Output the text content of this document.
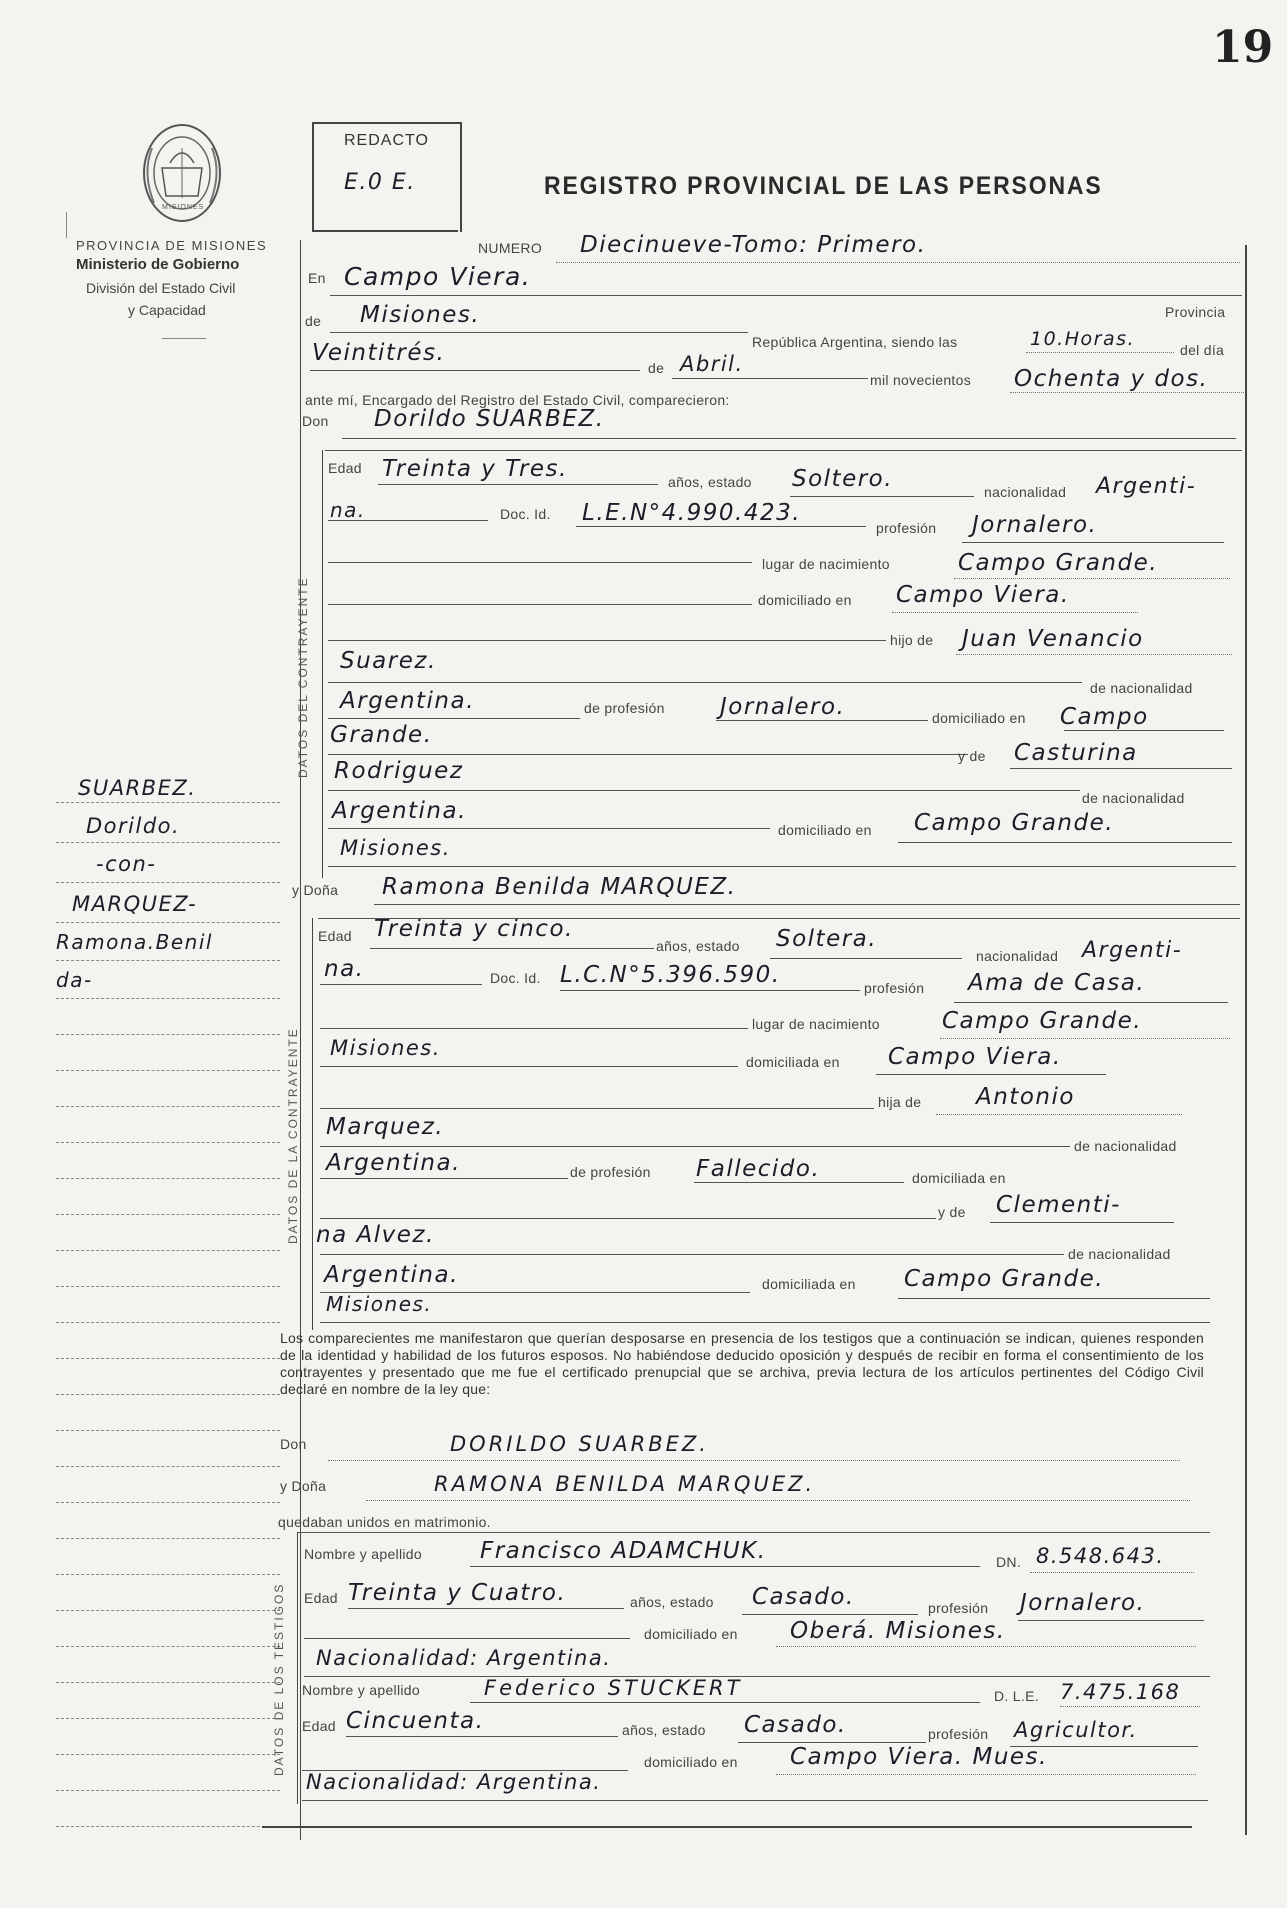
19
MISIONES
PROVINCIA DE MISIONES
Ministerio de Gobierno
División del Estado Civil
y Capacidad
REDACTO
E.0 E.	REGISTRO PROVINCIAL DE LAS PERSONAS
SUARBEZ.
Dorildo.
-con-
MARQUEZ-
Ramona.Benil
da-
NUMERO Diecinueve-Tomo: Primero.
En Campo Viera.
Provincia
de Misiones.
República Argentina, siendo las	10.Horas.	del día
Veintitrés.
de Abril.
mil novecientos Ochenta y dos.
ante mí, Encargado del Registro del Estado Civil, comparecieron:
Don Dorildo SUARBEZ.
DATOS DEL CONTRAYENTE
Edad Treinta y Tres.	años, estado Soltero.	nacionalidad Argenti-
na.	Doc. Id. L.E.N°4.990.423.
profesión Jornalero.
lugar de nacimiento	Campo Grande.
domiciliado en Campo Viera.
hijo de Juan Venancio
Suarez.
de nacionalidad
Argentina.	de profesión Jornalero.	domiciliado en Campo
Grande.
y de Casturina
Rodriguez
de nacionalidad
Argentina.
domiciliado en Campo Grande.
Misiones.
y Doña Ramona Benilda MARQUEZ.
DATOS DE LA CONTRAYENTE
Edad Treinta y cinco.
años, estado Soltera.
nacionalidad Argenti-
na.	Doc. Id. L.C.N°5.396.590.	profesión Ama de Casa.
lugar de nacimiento	Campo Grande.
Misiones.
domiciliada en Campo Viera.
hija de Antonio
Marquez.
de nacionalidad
Argentina.	de profesión Fallecido.	domiciliada en
y de Clementi-
na Alvez.
de nacionalidad
Argentina.	domiciliada en Campo Grande.
Misiones.
Los comparecientes me manifestaron que querían desposarse en presencia de los testigos que a continuación se indican, quienes responden de la identidad y habilidad de los futuros esposos. No habiéndose deducido oposición y después de recibir en forma el consentimiento de los contrayentes y presentado que me fue el certificado prenupcial que se archiva, previa lectura de los artículos pertinentes del Código Civil declaré en nombre de la ley que:
Don	DORILDO SUARBEZ.
y Doña	RAMONA BENILDA MARQUEZ.
quedaban unidos en matrimonio.
DATOS DE LOS TESTIGOS
Nombre y apellido	Francisco ADAMCHUK.	DN. 8.548.643.
Edad Treinta y Cuatro.	años, estado Casado.	profesión Jornalero.
domiciliado en Oberá. Misiones.
Nacionalidad: Argentina.
Nombre y apellido	Federico STUCKERT	D. L.E. 7.475.168
Edad Cincuenta.	años, estado Casado.	profesión Agricultor.
domiciliado en Campo Viera. Mues.
Nacionalidad: Argentina.
